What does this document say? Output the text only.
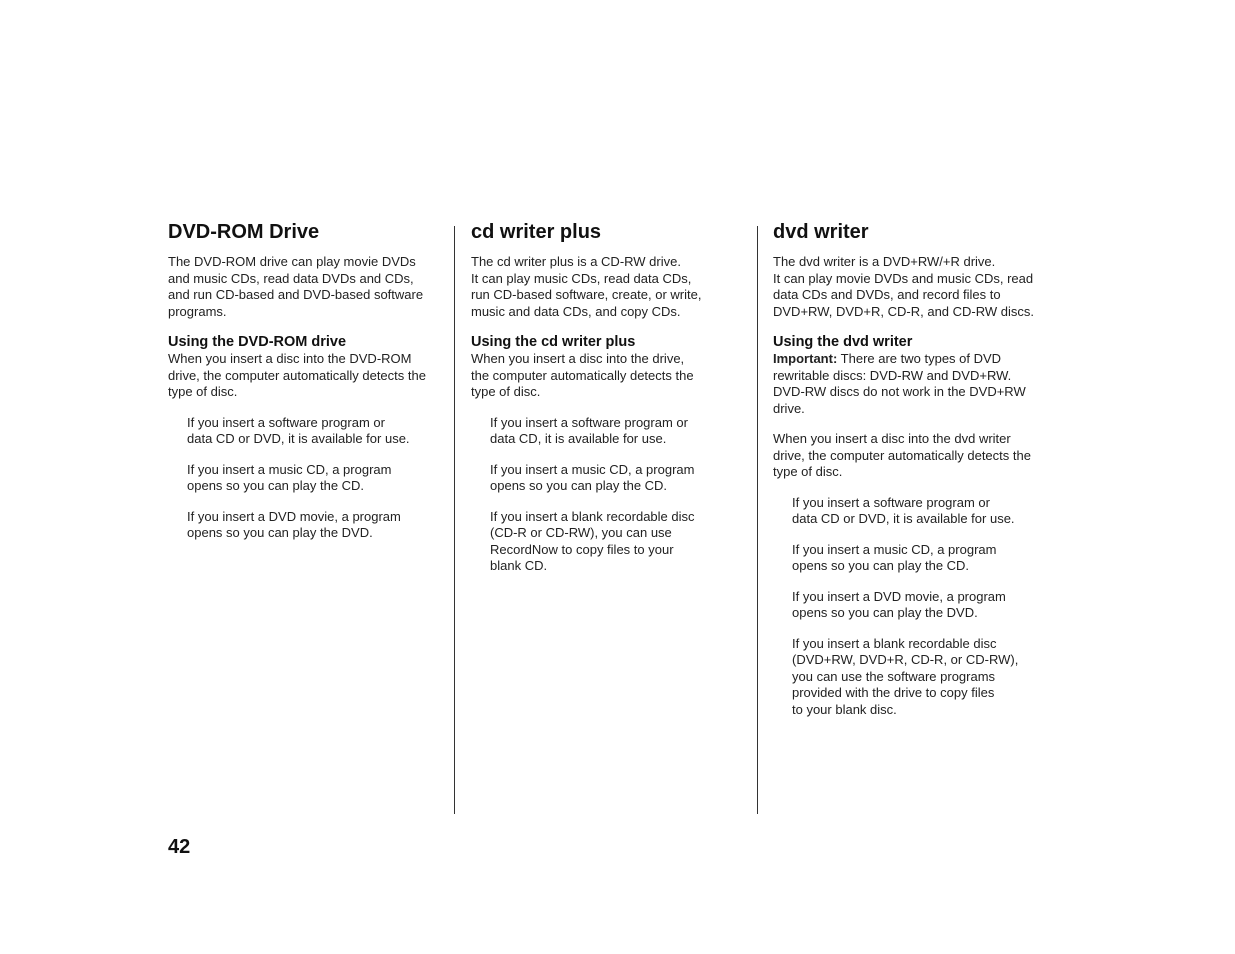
DVD-ROM Drive

The DVD-ROM drive can play movie DVDs
and music CDs, read data DVDs and CDs,
and run CD-based and DVD-based software
programs.

Using the DVD-ROM drive

When you insert a disc into the DVD-ROM
drive, the computer automatically detects the
type of disc.

If you insert a software program or
data CD or DVD, it is available for use.

If you insert a music CD, a program
opens so you can play the CD.

If you insert a DVD movie, a program
opens so you can play the DVD.

cd writer plus

The cd writer plus is a CD-RW drive.
It can play music CDs, read data CDs,
run CD-based software, create, or write,
music and data CDs, and copy CDs.

Using the cd writer plus

When you insert a disc into the drive,
the computer automatically detects the
type of disc.

If you insert a software program or
data CD, it is available for use.

If you insert a music CD, a program
opens so you can play the CD.

If you insert a blank recordable disc
(CD-R or CD-RW), you can use
RecordNow to copy files to your
blank CD.

dvd writer

The dvd writer is a DVD+RW/+R drive.
It can play movie DVDs and music CDs, read
data CDs and DVDs, and record files to
DVD+RW, DVD+R, CD-R, and CD-RW discs.

Using the dvd writer

Important: There are two types of DVD
rewritable discs: DVD-RW and DVD+RW.
DVD-RW discs do not work in the DVD+RW
drive.

When you insert a disc into the dvd writer
drive, the computer automatically detects the
type of disc.

If you insert a software program or
data CD or DVD, it is available for use.

If you insert a music CD, a program
opens so you can play the CD.

If you insert a DVD movie, a program
opens so you can play the DVD.

If you insert a blank recordable disc
(DVD+RW, DVD+R, CD-R, or CD-RW),
you can use the software programs
provided with the drive to copy files
to your blank disc.

42
